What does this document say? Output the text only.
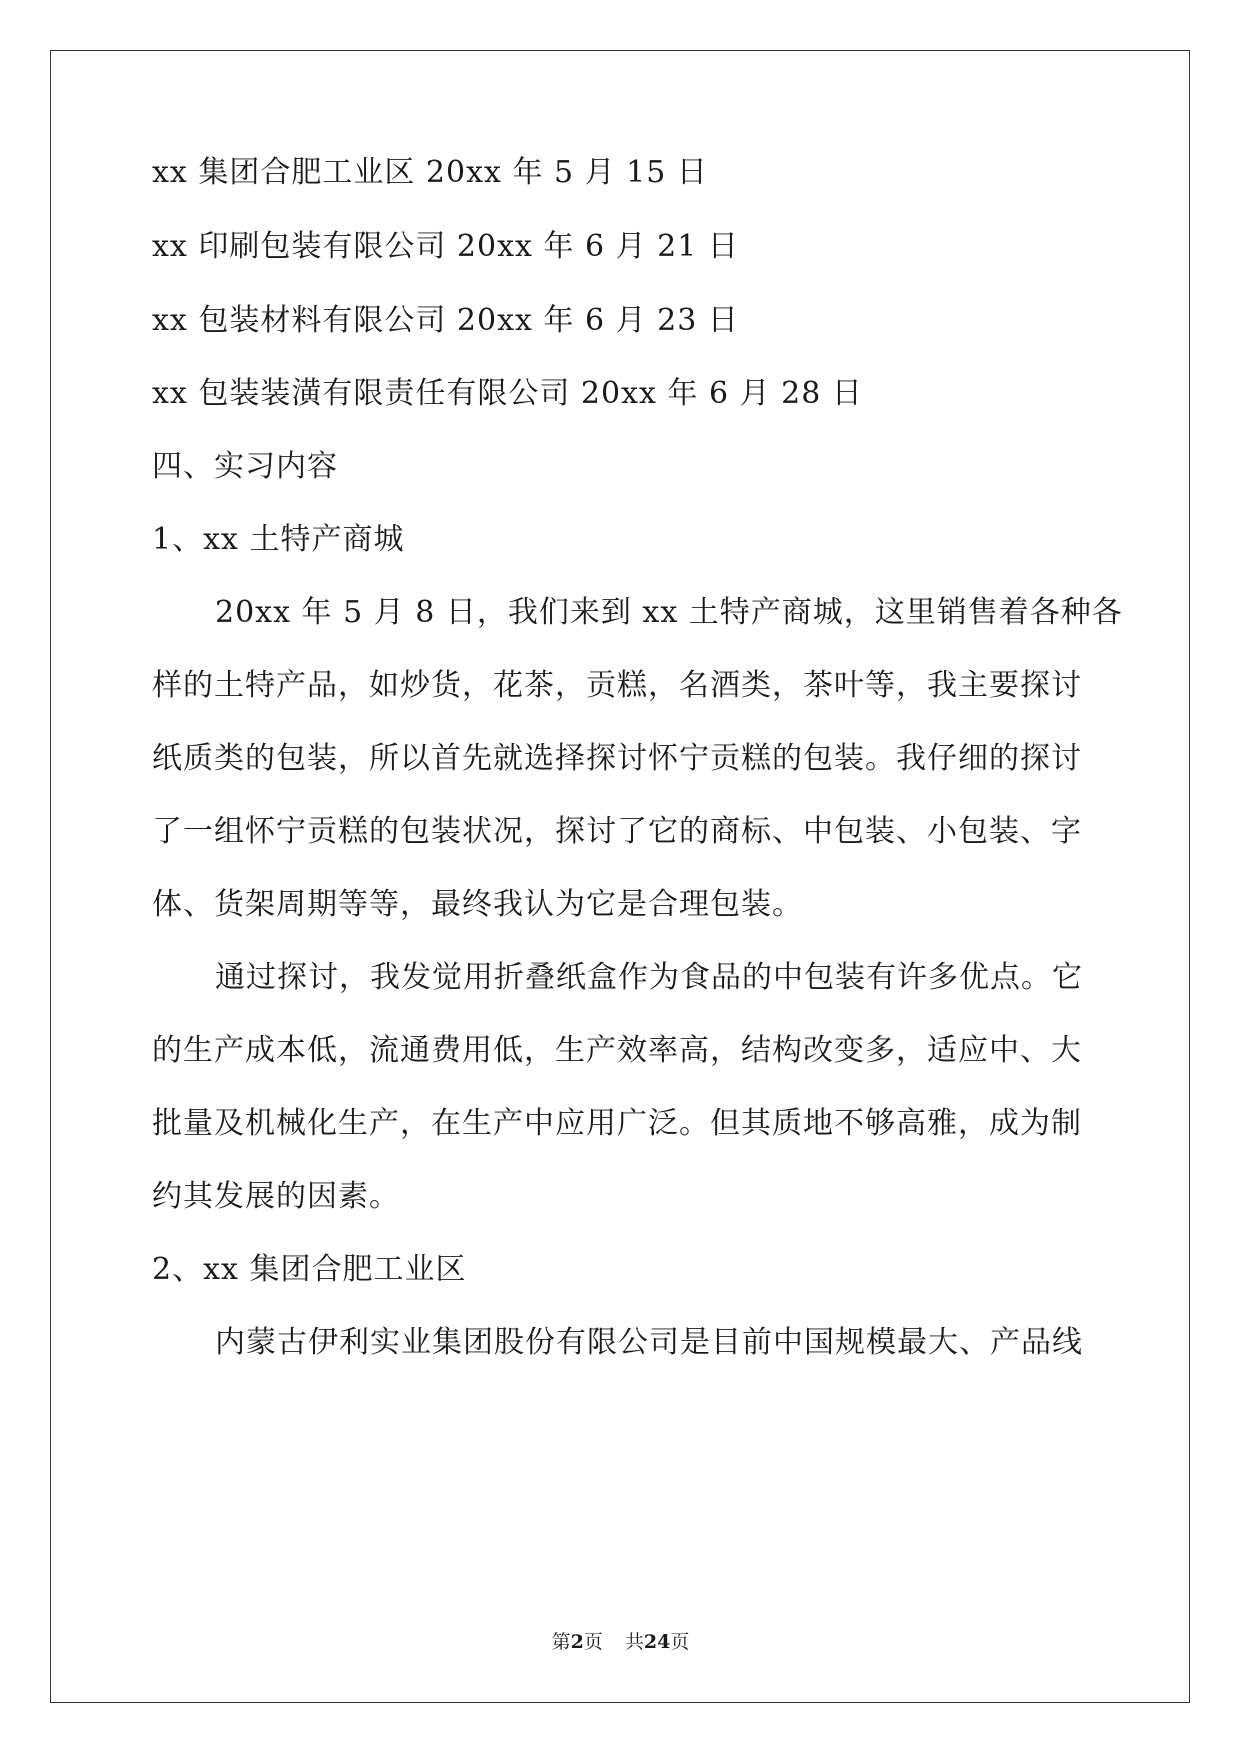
xx 集团合肥工业区 20xx 年 5 月 15 日
xx 印刷包装有限公司 20xx 年 6 月 21 日
xx 包装材料有限公司 20xx 年 6 月 23 日
xx 包装装潢有限责任有限公司 20xx 年 6 月 28 日
四、实习内容
1、xx 土特产商城
20xx 年 5 月 8 日，我们来到 xx 土特产商城，这里销售着各种各
样的土特产品，如炒货，花茶，贡糕，名酒类，茶叶等，我主要探讨
纸质类的包装，所以首先就选择探讨怀宁贡糕的包装。我仔细的探讨
了一组怀宁贡糕的包装状况，探讨了它的商标、中包装、小包装、字
体、货架周期等等，最终我认为它是合理包装。
通过探讨，我发觉用折叠纸盒作为食品的中包装有许多优点。它
的生产成本低，流通费用低，生产效率高，结构改变多，适应中、大
批量及机械化生产，在生产中应用广泛。但其质地不够高雅，成为制
约其发展的因素。
2、xx 集团合肥工业区
内蒙古伊利实业集团股份有限公司是目前中国规模最大、产品线
第2页 共24页
